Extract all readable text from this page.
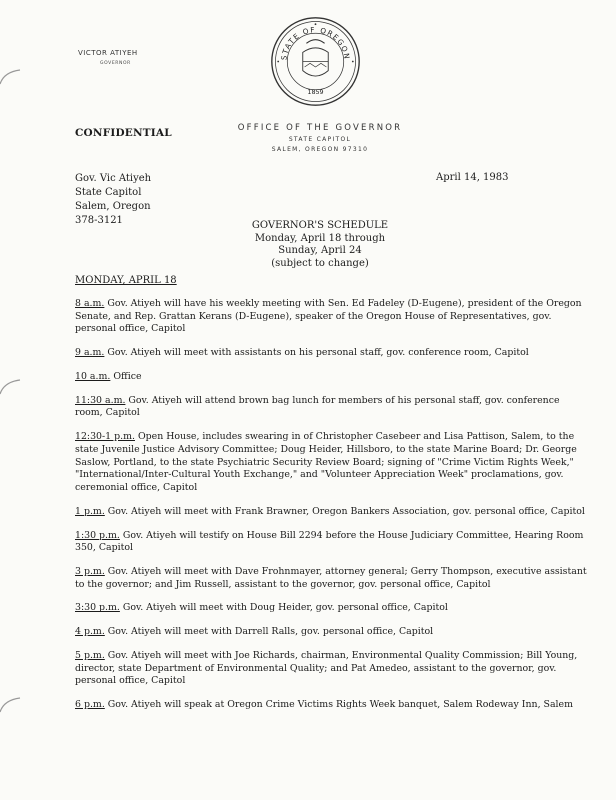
VICTOR ATIYEH
GOVERNOR
STATE OF OREGON
1859
CONFIDENTIAL	OFFICE OF THE GOVERNOR
STATE CAPITOL
SALEM, OREGON 97310
April 14, 1983
Gov. Vic Atiyeh
State Capitol
Salem, Oregon
378-3121	GOVERNOR'S SCHEDULE
Monday, April 18 through
Sunday, April 24
(subject to change)
MONDAY, APRIL 18
8 a.m. Gov. Atiyeh will have his weekly meeting with Sen. Ed Fadeley (D-Eugene), president of the Oregon Senate, and Rep. Grattan Kerans (D-Eugene), speaker of the Oregon House of Representatives, gov. personal office, Capitol
9 a.m. Gov. Atiyeh will meet with assistants on his personal staff, gov. conference room, Capitol
10 a.m. Office
11:30 a.m. Gov. Atiyeh will attend brown bag lunch for members of his personal staff, gov. conference room, Capitol
12:30-1 p.m. Open House, includes swearing in of Christopher Casebeer and Lisa Pattison, Salem, to the state Juvenile Justice Advisory Committee; Doug Heider, Hillsboro, to the state Marine Board; Dr. George Saslow, Portland, to the state Psychiatric Security Review Board; signing of "Crime Victim Rights Week," "International/Inter-Cultural Youth Exchange," and "Volunteer Appreciation Week" proclamations, gov. ceremonial office, Capitol
1 p.m. Gov. Atiyeh will meet with Frank Brawner, Oregon Bankers Association, gov. personal office, Capitol
1:30 p.m. Gov. Atiyeh will testify on House Bill 2294 before the House Judiciary Committee, Hearing Room 350, Capitol
3 p.m. Gov. Atiyeh will meet with Dave Frohnmayer, attorney general; Gerry Thompson, executive assistant to the governor; and Jim Russell, assistant to the governor, gov. personal office, Capitol
3:30 p.m. Gov. Atiyeh will meet with Doug Heider, gov. personal office, Capitol
4 p.m. Gov. Atiyeh will meet with Darrell Ralls, gov. personal office, Capitol
5 p.m. Gov. Atiyeh will meet with Joe Richards, chairman, Environmental Quality Commission; Bill Young, director, state Department of Environmental Quality; and Pat Amedeo, assistant to the governor, gov. personal office, Capitol
6 p.m. Gov. Atiyeh will speak at Oregon Crime Victims Rights Week banquet, Salem Rodeway Inn, Salem
